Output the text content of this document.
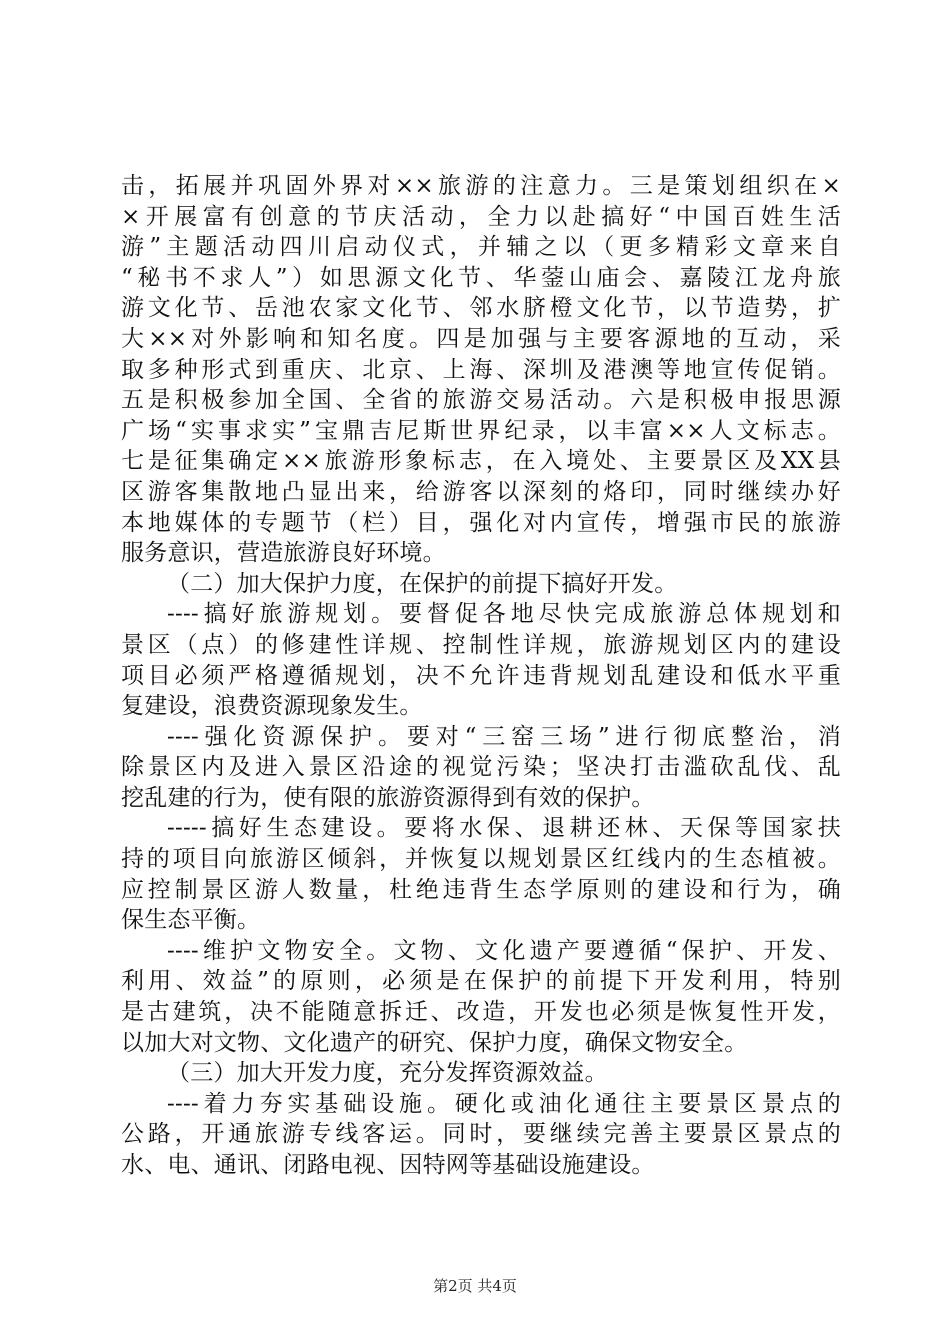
击，拓展并巩固外界对××旅游的注意力。三是策划组织在×
×开展富有创意的节庆活动，全力以赴搞好“中国百姓生活
游”主题活动四川启动仪式，并辅之以（更多精彩文章来自
“秘书不求人”）如思源文化节、华蓥山庙会、嘉陵江龙舟旅
游文化节、岳池农家文化节、邻水脐橙文化节，以节造势，扩
大××对外影响和知名度。四是加强与主要客源地的互动，采
取多种形式到重庆、北京、上海、深圳及港澳等地宣传促销。
五是积极参加全国、全省的旅游交易活动。六是积极申报思源
广场“实事求实”宝鼎吉尼斯世界纪录，以丰富××人文标志。
七是征集确定××旅游形象标志，在入境处、主要景区及XX县
区游客集散地凸显出来，给游客以深刻的烙印，同时继续办好
本地媒体的专题节（栏）目，强化对内宣传，增强市民的旅游
服务意识，营造旅游良好环境。
（二）加大保护力度，在保护的前提下搞好开发。
----搞好旅游规划。要督促各地尽快完成旅游总体规划和
景区（点）的修建性详规、控制性详规，旅游规划区内的建设
项目必须严格遵循规划，决不允许违背规划乱建设和低水平重
复建设，浪费资源现象发生。
----强化资源保护。要对“三窑三场”进行彻底整治，消
除景区内及进入景区沿途的视觉污染；坚决打击滥砍乱伐、乱
挖乱建的行为，使有限的旅游资源得到有效的保护。
-----搞好生态建设。要将水保、退耕还林、天保等国家扶
持的项目向旅游区倾斜，并恢复以规划景区红线内的生态植被。
应控制景区游人数量，杜绝违背生态学原则的建设和行为，确
保生态平衡。
----维护文物安全。文物、文化遗产要遵循“保护、开发、
利用、效益”的原则，必须是在保护的前提下开发利用，特别
是古建筑，决不能随意拆迁、改造，开发也必须是恢复性开发，
以加大对文物、文化遗产的研究、保护力度，确保文物安全。
（三）加大开发力度，充分发挥资源效益。
----着力夯实基础设施。硬化或油化通往主要景区景点的
公路，开通旅游专线客运。同时，要继续完善主要景区景点的
水、电、通讯、闭路电视、因特网等基础设施建设。
第2页 共4页
